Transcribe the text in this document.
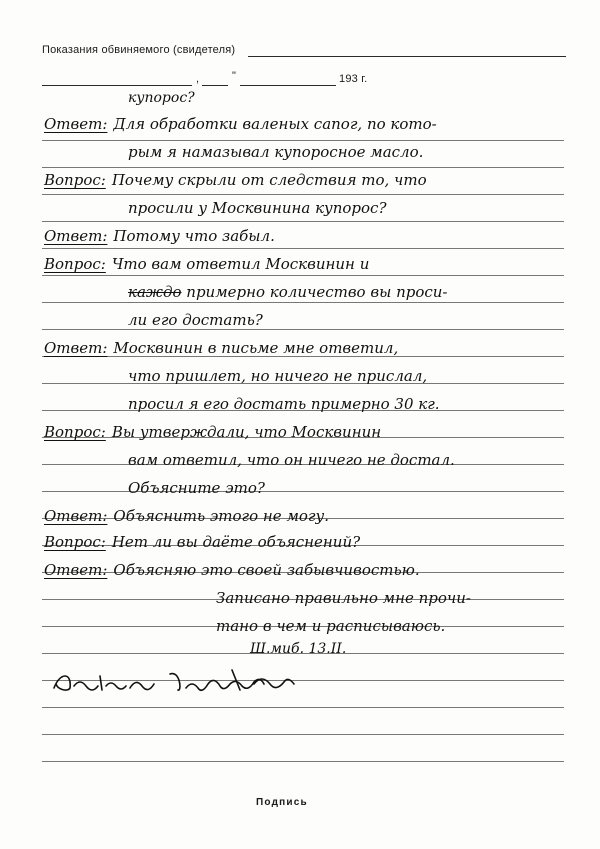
Показания обвиняемого (свидетеля)
,	"	193 г.
купорос?
Ответ: Для обработки валеных сапог, по кото-
рым я намазывал купоросное масло.
Вопрос: Почему скрыли от следствия то, что
просили у Москвинина купорос?
Ответ: Потому что забыл.
Вопрос: Что вам ответил Москвинин и
каждо примерно количество вы проси-
ли его достать?
Ответ: Москвинин в письме мне ответил,
что пришлет, но ничего не прислал,
просил я его достать примерно 30 кг.
Вопрос: Вы утверждали, что Москвинин
вам ответил, что он ничего не достал.
Объясните это?
Ответ: Объяснить этого не могу.
Вопрос: Нет ли вы даёте объяснений?
Ответ: Объясняю это своей забывчивостью.
Записано правильно мне прочи-
тано в чем и расписываюсь.
Ш.миб. 13.II.
Подпись
